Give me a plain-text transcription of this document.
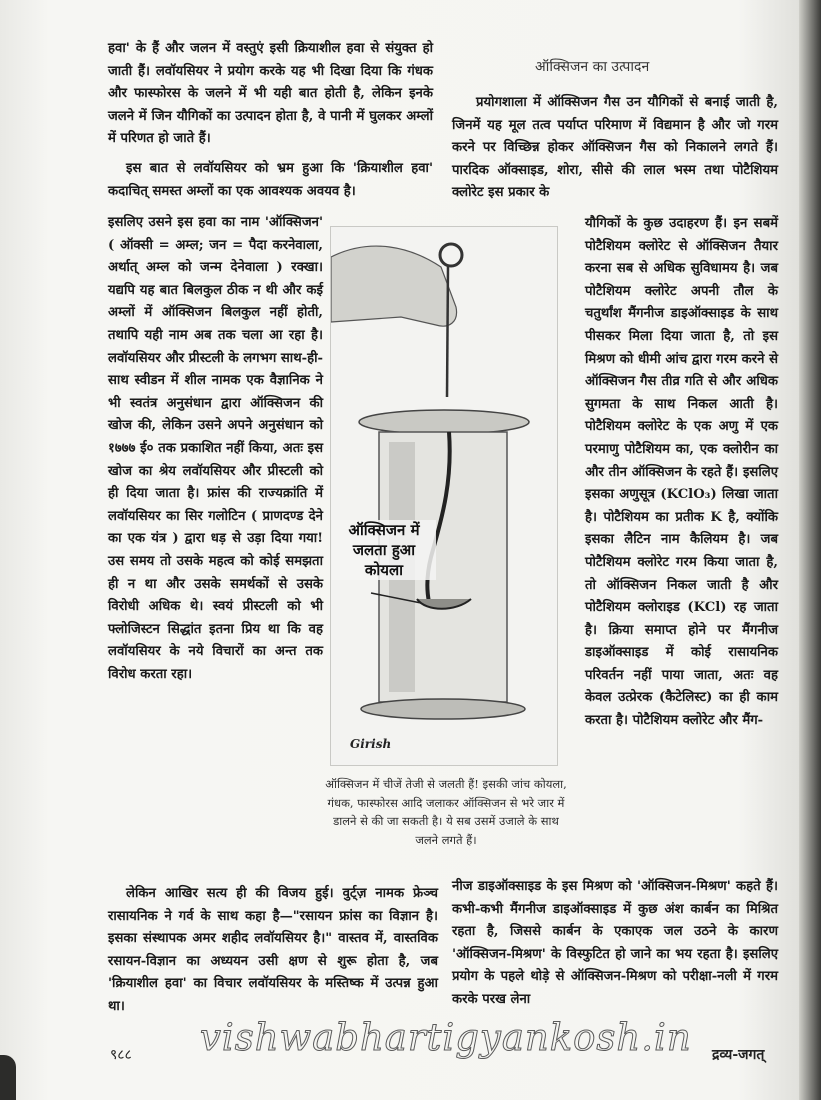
हवा' के हैं और जलन में वस्तुएं इसी क्रियाशील हवा से संयुक्त हो जाती हैं। लवॉयसियर ने प्रयोग करके यह भी दिखा दिया कि गंधक और फास्फोरस के जलने में भी यही बात होती है, लेकिन इनके जलने में जिन यौगिकों का उत्पादन होता है, वे पानी में घुलकर अम्लों में परिणत हो जाते हैं।

इस बात से लवॉयसियर को भ्रम हुआ कि 'क्रियाशील हवा' कदाचित् समस्त अम्लों का एक आवश्यक अवयव है।

इसलिए उसने इस हवा का नाम 'ऑक्सिजन' ( ऑक्सी = अम्ल; जन = पैदा करनेवाला, अर्थात् अम्ल को जन्म देनेवाला ) रक्खा। यद्यपि यह बात बिलकुल ठीक न थी और कई अम्लों में ऑक्सिजन बिलकुल नहीं होती, तथापि यही नाम अब तक चला आ रहा है। लवॉयसियर और प्रीस्टली के लगभग साथ-ही-साथ स्वीडन में शील नामक एक वैज्ञानिक ने भी स्वतंत्र अनुसंधान द्वारा ऑक्सिजन की खोज की, लेकिन उसने अपने अनुसंधान को १७७७ ई० तक प्रकाशित नहीं किया, अतः इस खोज का श्रेय लवॉयसियर और प्रीस्टली को ही दिया जाता है। फ्रांस की राज्यक्रांति में लवॉयसियर का सिर गलोटिन ( प्राणदण्ड देने का एक यंत्र ) द्वारा धड़ से उड़ा दिया गया! उस समय तो उसके महत्व को कोई समझता ही न था और उसके समर्थकों से उसके विरोधी अधिक थे। स्वयं प्रीस्टली को भी फ्लोजिस्टन सिद्धांत इतना प्रिय था कि वह लवॉयसियर के नये विचारों का अन्त तक विरोध करता रहा।

ऑक्सिजन का उत्पादन

प्रयोगशाला में ऑक्सिजन गैस उन यौगिकों से बनाई जाती है, जिनमें यह मूल तत्व पर्याप्त परिमाण में विद्यमान है और जो गरम करने पर विच्छिन्न होकर ऑक्सिजन गैस को निकालने लगते हैं। पारदिक ऑक्साइड, शोरा, सीसे की लाल भस्म तथा पोटैशियम क्लोरेट इस प्रकार के

यौगिकों के कुछ उदाहरण हैं। इन सबमें पोटैशियम क्लोरेट से ऑक्सिजन तैयार करना सब से अधिक सुविधामय है। जब पोटैशियम क्लोरेट अपनी तौल के चतुर्थांश मैंगनीज डाइऑक्साइड के साथ पीसकर मिला दिया जाता है, तो इस मिश्रण को धीमी आंच द्वारा गरम करने से ऑक्सिजन गैस तीव्र गति से और अधिक सुगमता के साथ निकल आती है। पोटैशियम क्लोरेट के एक अणु में एक परमाणु पोटैशियम का, एक क्लोरीन का और तीन ऑक्सिजन के रहते हैं। इसलिए इसका अणुसूत्र (KClO₃) लिखा जाता है। पोटैशियम का प्रतीक K है, क्योंकि इसका लैटिन नाम कैलियम है। जब पोटैशियम क्लोरेट गरम किया जाता है, तो ऑक्सिजन निकल जाती है और पोटैशियम क्लोराइड (KCl) रह जाता है। क्रिया समाप्त होने पर मैंगनीज डाइऑक्साइड में कोई रासायनिक परिवर्तन नहीं पाया जाता, अतः वह केवल उत्प्रेरक (कैटेलिस्ट) का ही काम करता है। पोटैशियम क्लोरेट और मैंग-

ऑक्सिजन में जलता हुआ कोयला
Girish
ऑक्सिजन में चीजें तेजी से जलती हैं! इसकी जांच कोयला, गंधक, फास्फोरस आदि जलाकर ऑक्सिजन से भरे जार में डालने से की जा सकती है। ये सब उसमें उजाले के साथ जलने लगते हैं।

लेकिन आखिर सत्य ही की विजय हुई। वुर्ट्ज़ नामक फ्रेञ्च रासायनिक ने गर्व के साथ कहा है—"रसायन फ्रांस का विज्ञान है। इसका संस्थापक अमर शहीद लवॉयसियर है।" वास्तव में, वास्तविक रसायन-विज्ञान का अध्ययन उसी क्षण से शुरू होता है, जब 'क्रियाशील हवा' का विचार लवॉयसियर के मस्तिष्क में उत्पन्न हुआ था।

नीज डाइऑक्साइड के इस मिश्रण को 'ऑक्सिजन-मिश्रण' कहते हैं। कभी-कभी मैंगनीज डाइऑक्साइड में कुछ अंश कार्बन का मिश्रित रहता है, जिससे कार्बन के एकाएक जल उठने के कारण 'ऑक्सिजन-मिश्रण' के विस्फुटित हो जाने का भय रहता है। इसलिए प्रयोग के पहले थोड़े से ऑक्सिजन-मिश्रण को परीक्षा-नली में गरम करके परख लेना

vishwabhartigyankosh.in
९८८	द्रव्य-जगत्
